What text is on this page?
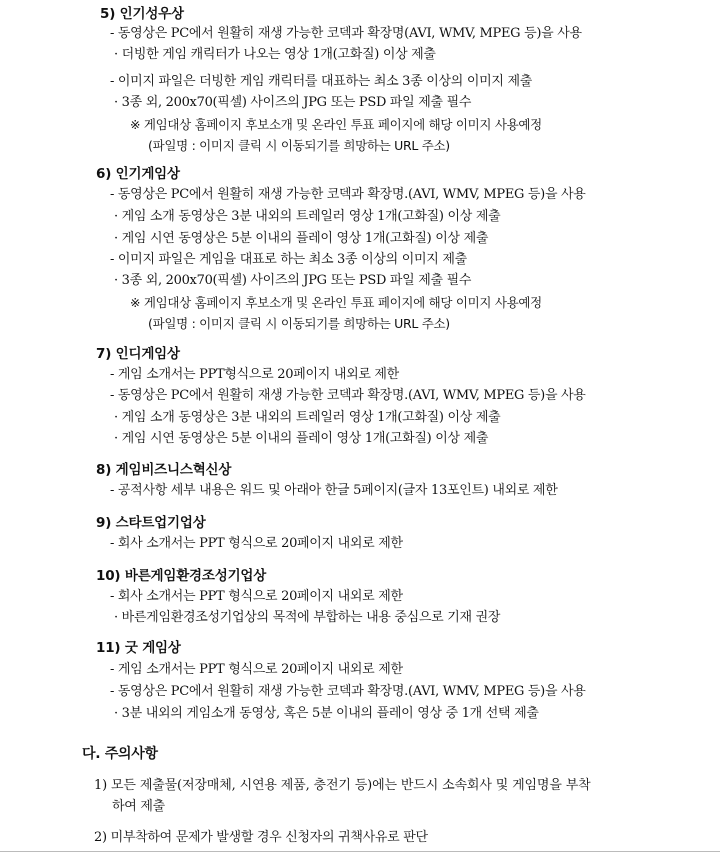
5) 인기성우상
- 동영상은 PC에서 원활히 재생 가능한 코덱과 확장명(AVI, WMV, MPEG 등)을 사용
· 더빙한 게임 캐릭터가 나오는 영상 1개(고화질) 이상 제출
- 이미지 파일은 더빙한 게임 캐릭터를 대표하는 최소 3종 이상의 이미지 제출
· 3종 외, 200x70(픽셀) 사이즈의 JPG 또는 PSD 파일 제출 필수
※ 게임대상 홈페이지 후보소개 및 온라인 투표 페이지에 해당 이미지 사용예정
(파일명 : 이미지 클릭 시 이동되기를 희망하는 URL 주소)
6) 인기게임상
- 동영상은 PC에서 원활히 재생 가능한 코덱과 확장명.(AVI, WMV, MPEG 등)을 사용
· 게임 소개 동영상은 3분 내외의 트레일러 영상 1개(고화질) 이상 제출
· 게임 시연 동영상은 5분 이내의 플레이 영상 1개(고화질) 이상 제출
- 이미지 파일은 게임을 대표로 하는 최소 3종 이상의 이미지 제출
· 3종 외, 200x70(픽셀) 사이즈의 JPG 또는 PSD 파일 제출 필수
※ 게임대상 홈페이지 후보소개 및 온라인 투표 페이지에 해당 이미지 사용예정
(파일명 : 이미지 클릭 시 이동되기를 희망하는 URL 주소)
7) 인디게임상
- 게임 소개서는 PPT형식으로 20페이지 내외로 제한
- 동영상은 PC에서 원활히 재생 가능한 코덱과 확장명.(AVI, WMV, MPEG 등)을 사용
· 게임 소개 동영상은 3분 내외의 트레일러 영상 1개(고화질) 이상 제출
· 게임 시연 동영상은 5분 이내의 플레이 영상 1개(고화질) 이상 제출
8) 게임비즈니스혁신상
- 공적사항 세부 내용은 워드 및 아래아 한글 5페이지(글자 13포인트) 내외로 제한
9) 스타트업기업상
- 회사 소개서는 PPT 형식으로 20페이지 내외로 제한
10) 바른게임환경조성기업상
- 회사 소개서는 PPT 형식으로 20페이지 내외로 제한
· 바른게임환경조성기업상의 목적에 부합하는 내용 중심으로 기재 권장
11) 굿 게임상
- 게임 소개서는 PPT 형식으로 20페이지 내외로 제한
- 동영상은 PC에서 원활히 재생 가능한 코덱과 확장명.(AVI, WMV, MPEG 등)을 사용
· 3분 내외의 게임소개 동영상, 혹은 5분 이내의 플레이 영상 중 1개 선택 제출
다. 주의사항
1) 모든 제출물(저장매체, 시연용 제품, 충전기 등)에는 반드시 소속회사 및 게임명을 부착
하여 제출
2) 미부착하여 문제가 발생할 경우 신청자의 귀책사유로 판단
